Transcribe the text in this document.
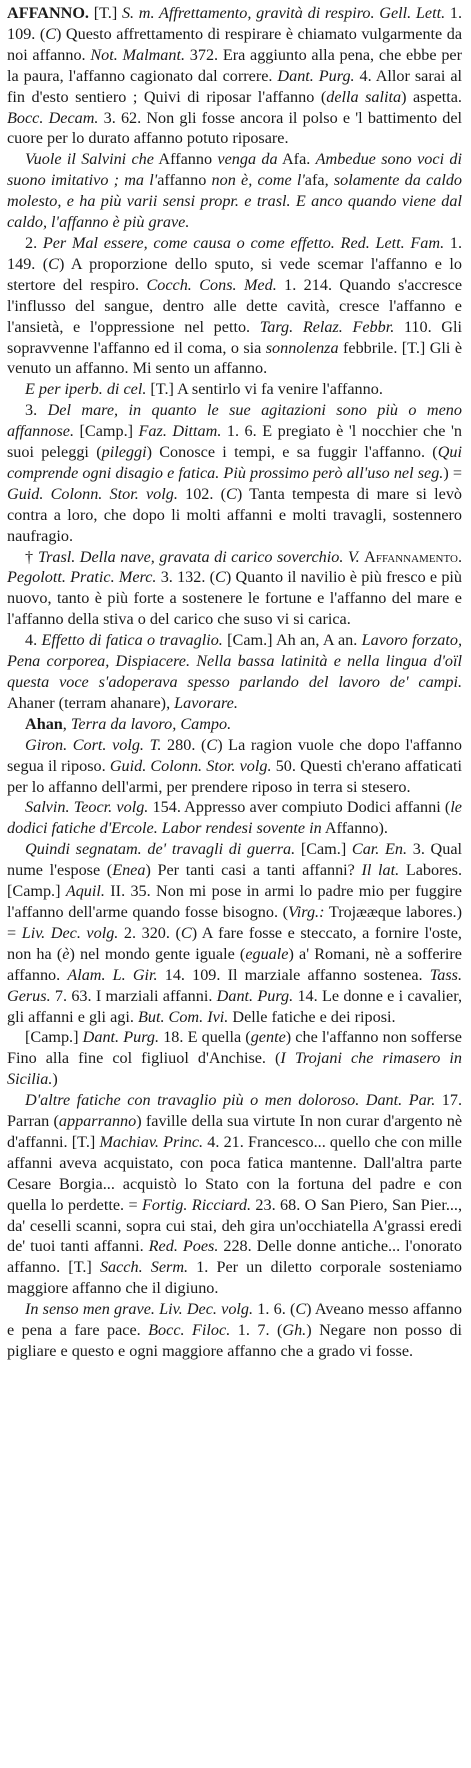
AFFANNO. [T.] S. m. Affrettamento, gravità di respiro. Gell. Lett. 1. 109. (C) Questo affrettamento di respirare è chiamato vulgarmente da noi affanno. Not. Malmant. 372. Era aggiunto alla pena, che ebbe per la paura, l'affanno cagionato dal correre. Dant. Purg. 4. Allor sarai al fin d'esto sentiero ; Quivi di riposar l'affanno (della salita) aspetta. Bocc. Decam. 3. 62. Non gli fosse ancora il polso e 'l battimento del cuore per lo durato affanno potuto riposare.

Vuole il Salvini che Affanno venga da Afa. Ambedue sono voci di suono imitativo ; ma l'affanno non è, come l'afa, solamente da caldo molesto, e ha più varii sensi propr. e trasl. E anco quando viene dal caldo, l'affanno è più grave.

2. Per Mal essere, come causa o come effetto. Red. Lett. Fam. 1. 149. (C) A proporzione dello sputo, si vede scemar l'affanno e lo stertore del respiro. Cocch. Cons. Med. 1. 214. Quando s'accresce l'influsso del sangue, dentro alle dette cavità, cresce l'affanno e l'ansietà, e l'oppressione nel petto. Targ. Relaz. Febbr. 110. Gli sopravvenne l'affanno ed il coma, o sia sonnolenza febbrile. [T.] Gli è venuto un affanno. Mi sento un affanno.

E per iperb. di cel. [T.] A sentirlo vi fa venire l'affanno.

3. Del mare, in quanto le sue agitazioni sono più o meno affannose. [Camp.] Faz. Dittam. 1. 6. E pregiato è 'l nocchier che 'n suoi peleggi (pileggi) Conosce i tempi, e sa fuggir l'affanno. (Qui comprende ogni disagio e fatica. Più prossimo però all'uso nel seg.) = Guid. Colonn. Stor. volg. 102. (C) Tanta tempesta di mare si levò contra a loro, che dopo li molti affanni e molti travagli, sostennero naufragio.

† Trasl. Della nave, gravata di carico soverchio. V. Affannamento. Pegolott. Pratic. Merc. 3. 132. (C) Quanto il navilio è più fresco e più nuovo, tanto è più forte a sostenere le fortune e l'affanno del mare e l'affanno della stiva o del carico che suso vi si carica.

4. Effetto di fatica o travaglio. [Cam.] Ah an, A an. Lavoro forzato, Pena corporea, Dispiacere. Nella bassa latinità e nella lingua d'oïl questa voce s'adoperava spesso parlando del lavoro de' campi. Ahaner (terram ahanare), Lavorare.

Ahan, Terra da lavoro, Campo.

Giron. Cort. volg. T. 280. (C) La ragion vuole che dopo l'affanno segua il riposo. Guid. Colonn. Stor. volg. 50. Questi ch'erano affaticati per lo affanno dell'armi, per prendere riposo in terra si stesero.

Salvin. Teocr. volg. 154. Appresso aver compiuto Dodici affanni (le dodici fatiche d'Ercole. Labor rendesi sovente in Affanno).

Quindi segnatam. de' travagli di guerra. [Cam.] Car. En. 3. Qual nume l'espose (Enea) Per tanti casi a tanti affanni? Il lat. Labores. [Camp.] Aquil. II. 35. Non mi pose in armi lo padre mio per fuggire l'affanno dell'arme quando fosse bisogno. (Virg.: Trojææque labores.) = Liv. Dec. volg. 2. 320. (C) A fare fosse e steccato, a fornire l'oste, non ha (è) nel mondo gente iguale (eguale) a' Romani, nè a sofferire affanno. Alam. L. Gir. 14. 109. Il marziale affanno sostenea. Tass. Gerus. 7. 63. I marziali affanni. Dant. Purg. 14. Le donne e i cavalier, gli affanni e gli agi. But. Com. Ivi. Delle fatiche e dei riposi.

[Camp.] Dant. Purg. 18. E quella (gente) che l'affanno non sofferse Fino alla fine col figliuol d'Anchise. (I Trojani che rimasero in Sicilia.)

D'altre fatiche con travaglio più o men doloroso. Dant. Par. 17. Parran (apparranno) faville della sua virtute In non curar d'argento nè d'affanni. [T.] Machiav. Princ. 4. 21. Francesco... quello che con mille affanni aveva acquistato, con poca fatica mantenne. Dall'altra parte Cesare Borgia... acquistò lo Stato con la fortuna del padre e con quella lo perdette. = Fortig. Ricciard. 23. 68. O San Piero, San Pier..., da' ceselli scanni, sopra cui stai, deh gira un'occhiatella A'grassi eredi de' tuoi tanti affanni. Red. Poes. 228. Delle donne antiche... l'onorato affanno. [T.] Sacch. Serm. 1. Per un diletto corporale sosteniamo maggiore affanno che il digiuno.

In senso men grave. Liv. Dec. volg. 1. 6. (C) Aveano messo affanno e pena a fare pace. Bocc. Filoc. 1. 7. (Gh.) Negare non posso di pigliare e questo e ogni maggiore affanno che a grado vi fosse.
